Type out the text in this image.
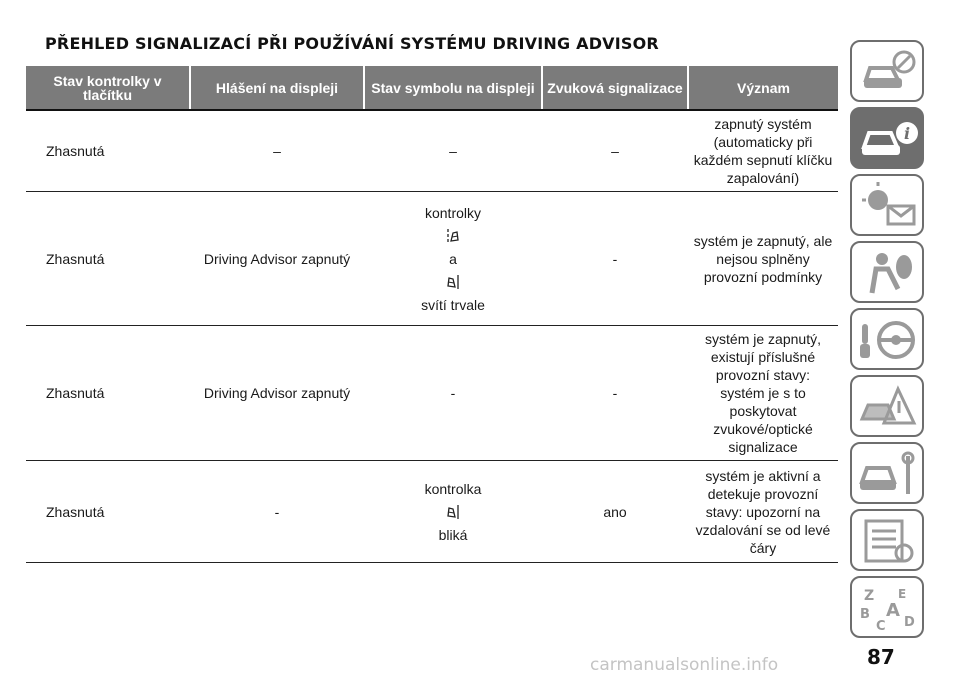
PŘEHLED SIGNALIZACÍ PŘI POUŽÍVÁNÍ SYSTÉMU DRIVING ADVISOR
Stav kontrolky v tlačítku	Hlášení na displeji	Stav symbolu na displeji	Zvuková signalizace	Význam
Zhasnutá	–	–	–	zapnutý systém (automaticky při každém sepnutí klíčku zapalování)
Zhasnutá	Driving Advisor zapnutý	kontrolky
a
svítí trvale	-	systém je zapnutý, ale nejsou splněny provozní podmínky
Zhasnutá	Driving Advisor zapnutý	-	-	systém je zapnutý, existují příslušné provozní stavy: systém je s to poskytovat zvukové/optické signalizace
Zhasnutá	-	kontrolka
bliká	ano	systém je aktivní a detekuje provozní stavy: upozorní na vzdalování se od levé čáry
i
Z E
B A
C D
87
carmanualsonline.info
